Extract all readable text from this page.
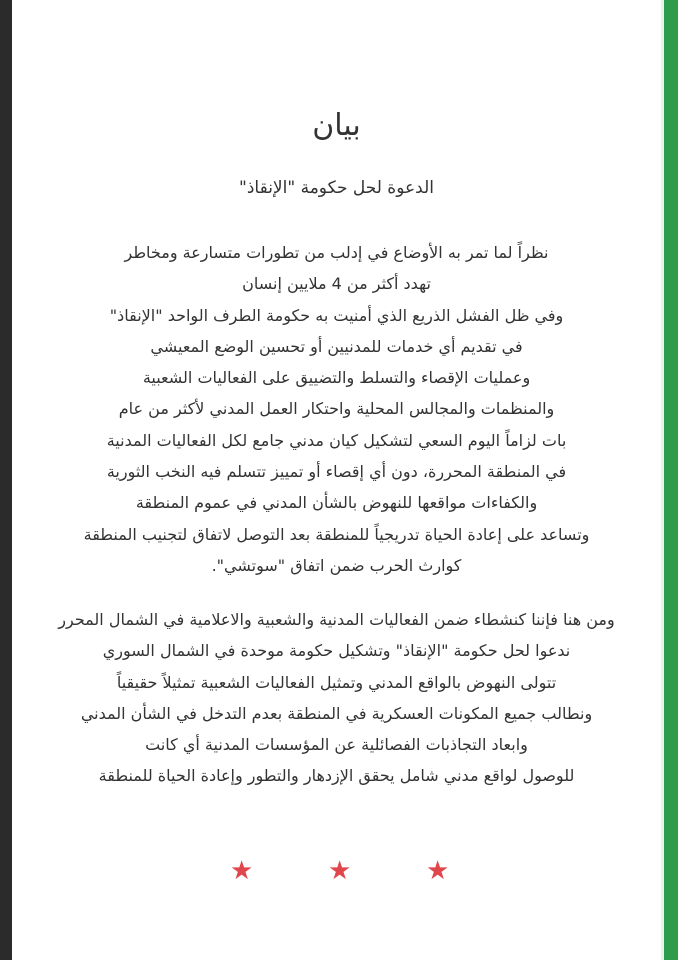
بيان
الدعوة لحل حكومة "الإنقاذ"
نظراً لما تمر به الأوضاع في إدلب من تطورات متسارعة ومخاطر
تهدد أكثر من 4 ملايين إنسان
وفي ظل الفشل الذريع الذي أمنيت به حكومة الطرف الواحد "الإنقاذ"
في تقديم أي خدمات للمدنيين أو تحسين الوضع المعيشي
وعمليات الإقصاء والتسلط والتضييق على الفعاليات الشعبية
والمنظمات والمجالس المحلية واحتكار العمل المدني لأكثر من عام
بات لزاماً اليوم السعي لتشكيل كيان مدني جامع لكل الفعاليات المدنية
في المنطقة المحررة، دون أي إقصاء أو تمييز تتسلم فيه النخب الثورية
والكفاءات مواقعها للنهوض بالشأن المدني في عموم المنطقة
وتساعد على إعادة الحياة تدريجياً للمنطقة بعد التوصل لاتفاق لتجنيب المنطقة
كوارث الحرب ضمن اتفاق "سوتشي".
ومن هنا فإننا كنشطاء ضمن الفعاليات المدنية والشعبية والاعلامية في الشمال المحرر
ندعوا لحل حكومة "الإنقاذ" وتشكيل حكومة موحدة في الشمال السوري
تتولى النهوض بالواقع المدني وتمثيل الفعاليات الشعبية تمثيلاً حقيقياً
ونطالب جميع المكونات العسكرية في المنطقة بعدم التدخل في الشأن المدني
وابعاد التجاذبات الفصائلية عن المؤسسات المدنية أي كانت
للوصول لواقع مدني شامل يحقق الإزدهار والتطور وإعادة الحياة للمنطقة
★	★	★
